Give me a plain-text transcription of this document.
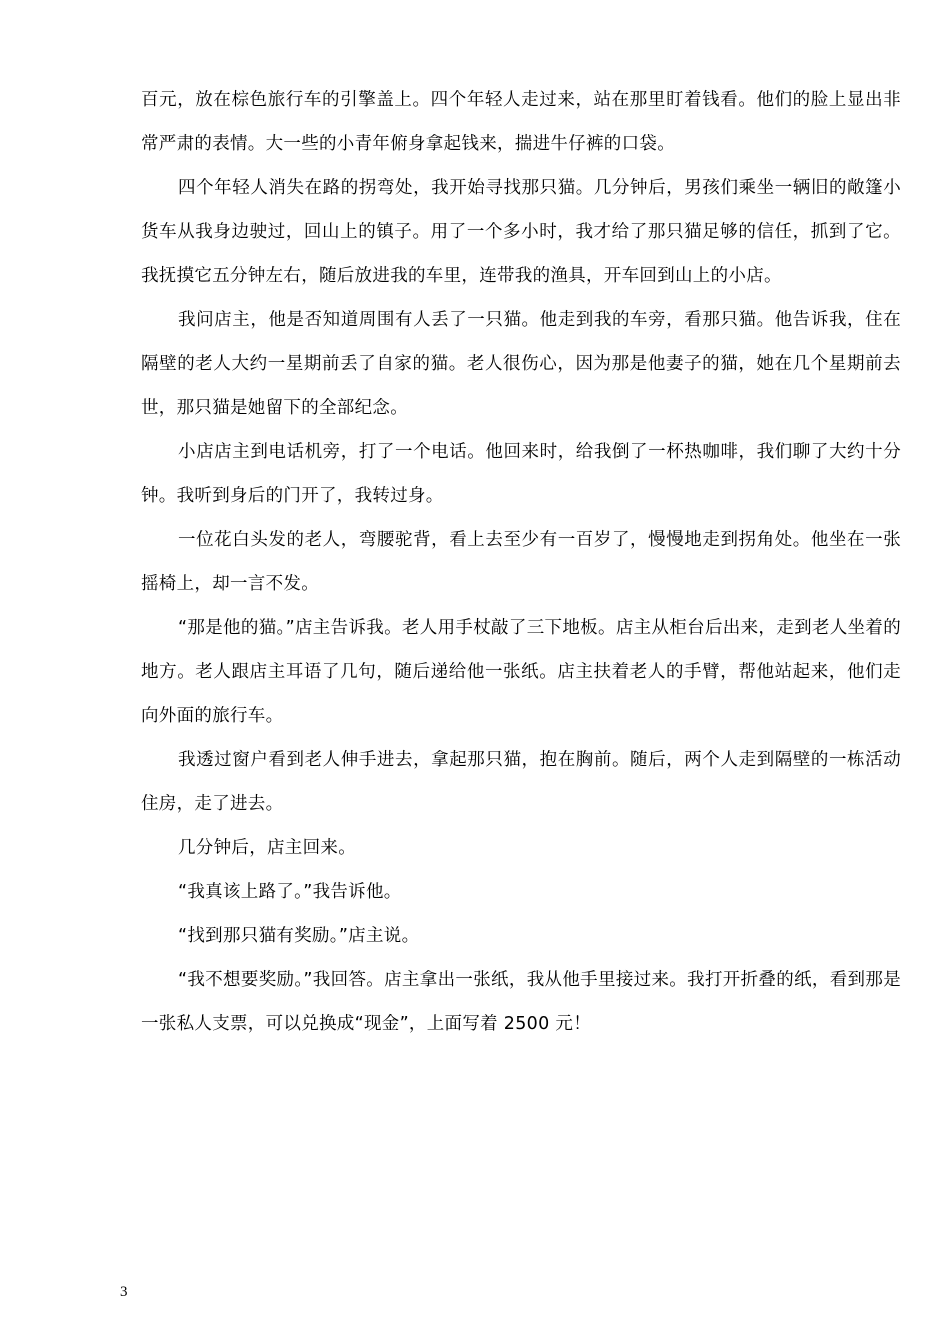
百元，放在棕色旅行车的引擎盖上。四个年轻人走过来，站在那里盯着钱看。他们的脸上显出非常严肃的表情。大一些的小青年俯身拿起钱来，揣进牛仔裤的口袋。

四个年轻人消失在路的拐弯处，我开始寻找那只猫。几分钟后，男孩们乘坐一辆旧的敞篷小货车从我身边驶过，回山上的镇子。用了一个多小时，我才给了那只猫足够的信任，抓到了它。我抚摸它五分钟左右，随后放进我的车里，连带我的渔具，开车回到山上的小店。

我问店主，他是否知道周围有人丢了一只猫。他走到我的车旁，看那只猫。他告诉我，住在隔壁的老人大约一星期前丢了自家的猫。老人很伤心，因为那是他妻子的猫，她在几个星期前去世，那只猫是她留下的全部纪念。

小店店主到电话机旁，打了一个电话。他回来时，给我倒了一杯热咖啡，我们聊了大约十分钟。我听到身后的门开了，我转过身。

一位花白头发的老人，弯腰驼背，看上去至少有一百岁了，慢慢地走到拐角处。他坐在一张摇椅上，却一言不发。

“那是他的猫。”店主告诉我。老人用手杖敲了三下地板。店主从柜台后出来，走到老人坐着的地方。老人跟店主耳语了几句，随后递给他一张纸。店主扶着老人的手臂，帮他站起来，他们走向外面的旅行车。

我透过窗户看到老人伸手进去，拿起那只猫，抱在胸前。随后，两个人走到隔壁的一栋活动住房，走了进去。

几分钟后，店主回来。

“我真该上路了。”我告诉他。

“找到那只猫有奖励。”店主说。

“我不想要奖励。”我回答。店主拿出一张纸，我从他手里接过来。我打开折叠的纸，看到那是一张私人支票，可以兑换成“现金”，上面写着 2500 元！

3
